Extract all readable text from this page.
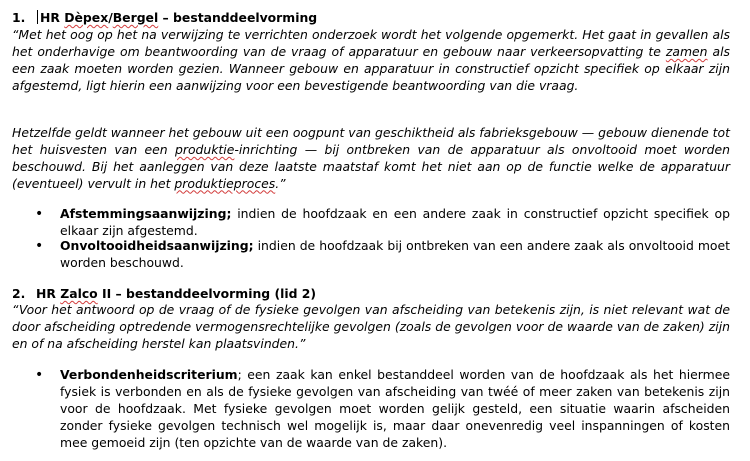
1. HR Dèpex/Bergel – bestanddeelvorming

“Met het oog op het na verwijzing te verrichten onderzoek wordt het volgende opgemerkt. Het gaat in gevallen als het onderhavige om beantwoording van de vraag of apparatuur en gebouw naar verkeersopvatting te zamen als een zaak moeten worden gezien. Wanneer gebouw en apparatuur in constructief opzicht specifiek op elkaar zijn afgestemd, ligt hierin een aanwijzing voor een bevestigende beantwoording van die vraag.

Hetzelfde geldt wanneer het gebouw uit een oogpunt van geschiktheid als fabrieksgebouw — gebouw dienende tot het huisvesten van een produktie-inrichting — bij ontbreken van de apparatuur als onvoltooid moet worden beschouwd. Bij het aanleggen van deze laatste maatstaf komt het niet aan op de functie welke de apparatuur (eventueel) vervult in het produktieproces.”

• Afstemmingsaanwijzing; indien de hoofdzaak en een andere zaak in constructief opzicht specifiek op elkaar zijn afgestemd.

• Onvoltooidheidsaanwijzing; indien de hoofdzaak bij ontbreken van een andere zaak als onvoltooid moet worden beschouwd.

2. HR Zalco II – bestanddeelvorming (lid 2)

“Voor het antwoord op de vraag of de fysieke gevolgen van afscheiding van betekenis zijn, is niet relevant wat de door afscheiding optredende vermogensrechtelijke gevolgen (zoals de gevolgen voor de waarde van de zaken) zijn en of na afscheiding herstel kan plaatsvinden.”

• Verbondenheidscriterium; een zaak kan enkel bestanddeel worden van de hoofdzaak als het hiermee fysiek is verbonden en als de fysieke gevolgen van afscheiding van twéé of meer zaken van betekenis zijn voor de hoofdzaak. Met fysieke gevolgen moet worden gelijk gesteld, een situatie waarin afscheiden zonder fysieke gevolgen technisch wel mogelijk is, maar daar onevenredig veel inspanningen of kosten mee gemoeid zijn (ten opzichte van de waarde van de zaken).
